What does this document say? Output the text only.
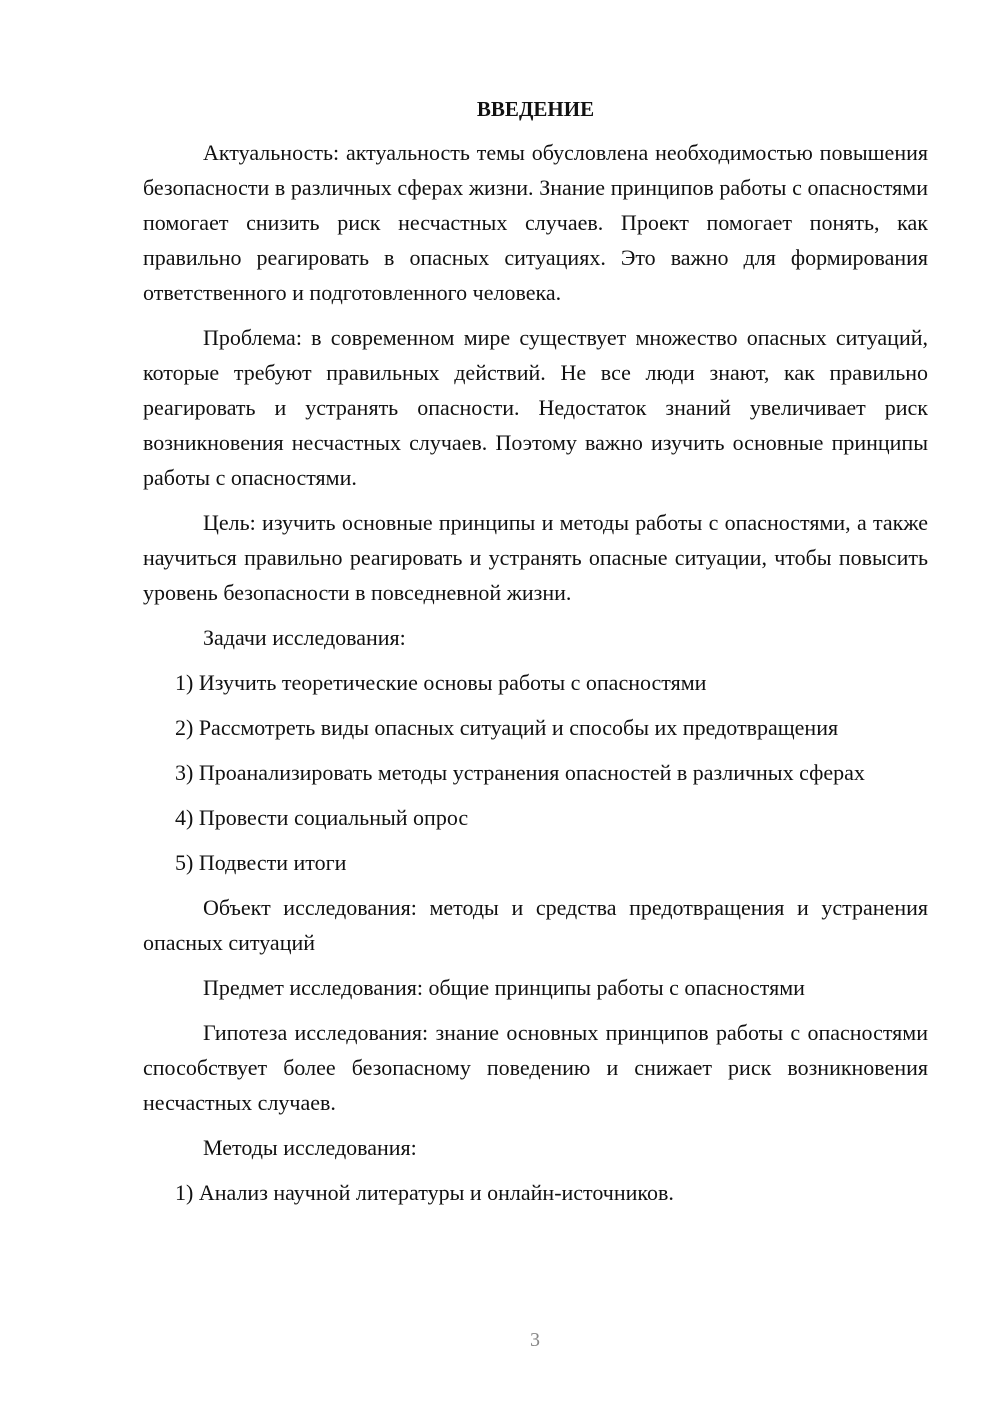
ВВЕДЕНИЕ

Актуальность: актуальность темы обусловлена необходимостью повышения безопасности в различных сферах жизни. Знание принципов работы с опасностями помогает снизить риск несчастных случаев. Проект помогает понять, как правильно реагировать в опасных ситуациях. Это важно для формирования ответственного и подготовленного человека.

Проблема: в современном мире существует множество опасных ситуаций, которые требуют правильных действий. Не все люди знают, как правильно реагировать и устранять опасности. Недостаток знаний увеличивает риск возникновения несчастных случаев. Поэтому важно изучить основные принципы работы с опасностями.

Цель: изучить основные принципы и методы работы с опасностями, а также научиться правильно реагировать и устранять опасные ситуации, чтобы повысить уровень безопасности в повседневной жизни.

Задачи исследования:

1) Изучить теоретические основы работы с опасностями

2) Рассмотреть виды опасных ситуаций и способы их предотвращения

3) Проанализировать методы устранения опасностей в различных сферах

4) Провести социальный опрос

5) Подвести итоги

Объект исследования: методы и средства предотвращения и устранения опасных ситуаций

Предмет исследования: общие принципы работы с опасностями

Гипотеза исследования: знание основных принципов работы с опасностями способствует более безопасному поведению и снижает риск возникновения несчастных случаев.

Методы исследования:

1) Анализ научной литературы и онлайн-источников.

3
